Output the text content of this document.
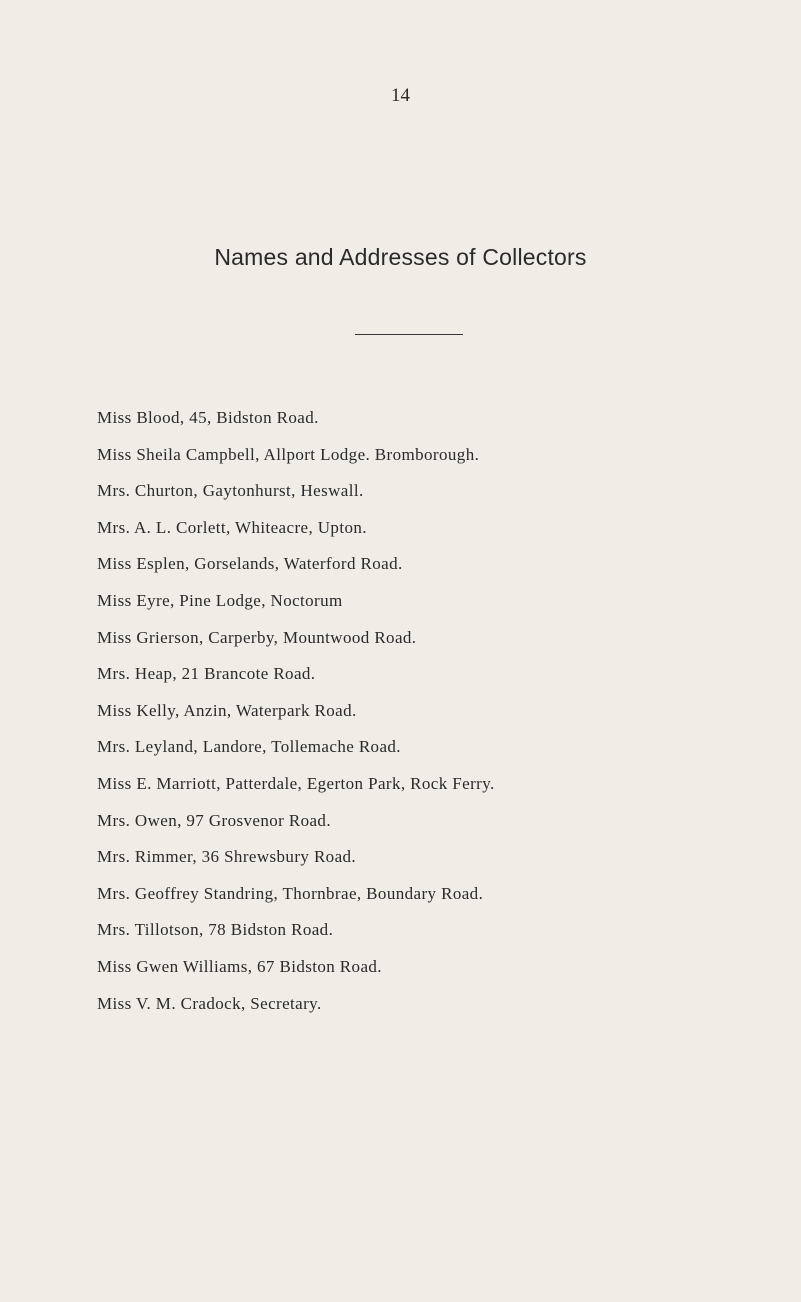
14
Names and Addresses of Collectors
Miss Blood, 45, Bidston Road.
Miss Sheila Campbell, Allport Lodge. Bromborough.
Mrs. Churton, Gaytonhurst, Heswall.
Mrs. A. L. Corlett, Whiteacre, Upton.
Miss Esplen, Gorselands, Waterford Road.
Miss Eyre, Pine Lodge, Noctorum
Miss Grierson, Carperby, Mountwood Road.
Mrs. Heap, 21 Brancote Road.
Miss Kelly, Anzin, Waterpark Road.
Mrs. Leyland, Landore, Tollemache Road.
Miss E. Marriott, Patterdale, Egerton Park, Rock Ferry.
Mrs. Owen, 97 Grosvenor Road.
Mrs. Rimmer, 36 Shrewsbury Road.
Mrs. Geoffrey Standring, Thornbrae, Boundary Road.
Mrs. Tillotson, 78 Bidston Road.
Miss Gwen Williams, 67 Bidston Road.
Miss V. M. Cradock, Secretary.
